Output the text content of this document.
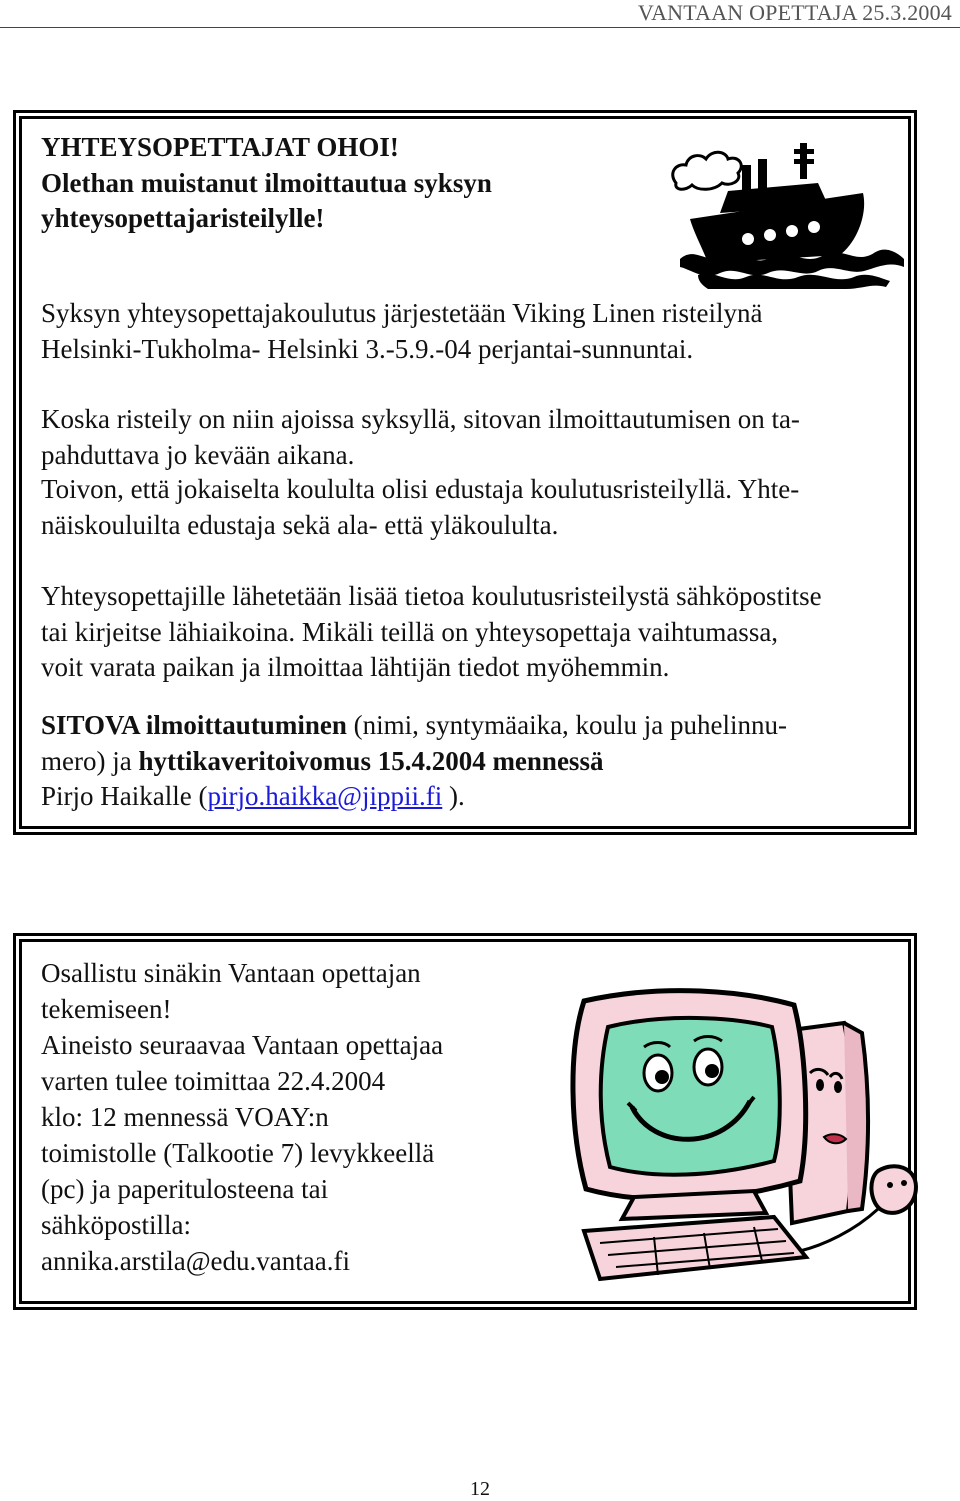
VANTAAN OPETTAJA 25.3.2004
YHTEYSOPETTAJAT OHOI!
Olethan muistanut ilmoittautua syksyn
yhteysopettajaristeilylle!
Syksyn yhteysopettajakoulutus järjestetään Viking Linen risteilynä
Helsinki-Tukholma- Helsinki 3.-5.9.-04 perjantai-sunnuntai.
Koska risteily on niin ajoissa syksyllä, sitovan ilmoittautumisen on ta-
pahduttava jo kevään aikana.
Toivon, että jokaiselta koululta olisi edustaja koulutusristeilyllä. Yhte-
näiskouluilta edustaja sekä ala- että yläkoululta.
Yhteysopettajille lähetetään lisää tietoa koulutusristeilystä sähköpostitse
tai kirjeitse lähiaikoina. Mikäli teillä on yhteysopettaja vaihtumassa,
voit varata paikan ja ilmoittaa lähtijän tiedot myöhemmin.
SITOVA ilmoittautuminen (nimi, syntymäaika, koulu ja puhelinnu-
mero) ja hyttikaveritoivomus 15.4.2004 mennessä
Pirjo Haikalle (pirjo.haikka@jippii.fi ).
Osallistu sinäkin Vantaan opettajan
tekemiseen!
Aineisto seuraavaa Vantaan opettajaa
varten tulee toimittaa 22.4.2004
klo: 12 mennessä VOAY:n
toimistolle (Talkootie 7) levykkeellä
(pc) ja paperitulosteena tai
sähköpostilla:
annika.arstila@edu.vantaa.fi
12
